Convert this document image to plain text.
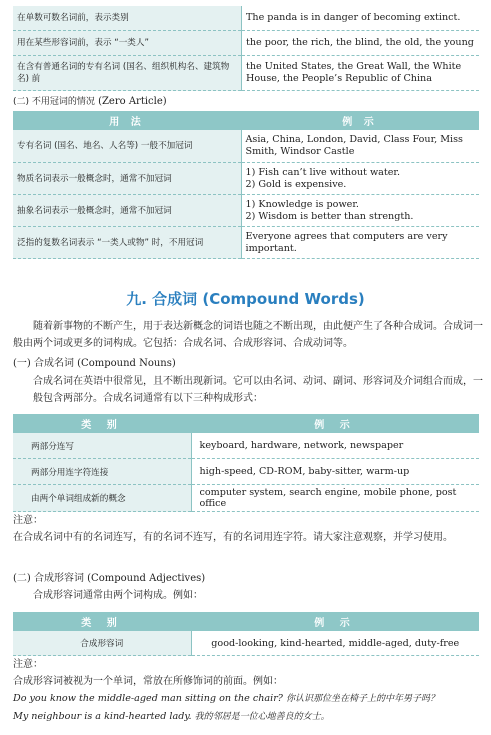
在单数可数名词前，表示类别	The panda is in danger of becoming extinct.
用在某些形容词前，表示 “一类人”	the poor, the rich, the blind, the old, the young
在含有普通名词的专有名词 (国名、组织机构名、建筑物名) 前	the United States, the Great Wall, the White House, the People’s Republic of China
(二) 不用冠词的情况 (Zero Article)
用 法	例 示
专有名词 (国名、地名、人名等) 一般不加冠词	Asia, China, London, David, Class Four, Miss Smith, Windsor Castle
物质名词表示一般概念时，通常不加冠词	1) Fish can’t live without water.
2) Gold is expensive.
抽象名词表示一般概念时，通常不加冠词	1) Knowledge is power.
2) Wisdom is better than strength.
泛指的复数名词表示 “一类人或物” 时，不用冠词	Everyone agrees that computers are very important.
九. 合成词 (Compound Words)
随着新事物的不断产生，用于表达新概念的词语也随之不断出现，由此便产生了各种合成词。合成词一般由两个词或更多的词构成。它包括：合成名词、合成形容词、合成动词等。
(一) 合成名词 (Compound Nouns)
合成名词在英语中很常见，且不断出现新词。它可以由名词、动词、副词、形容词及介词组合而成，一般包含两部分。合成名词通常有以下三种构成形式：
类 别	例 示
两部分连写	keyboard, hardware, network, newspaper
两部分用连字符连接	high-speed, CD-ROM, baby-sitter, warm-up
由两个单词组成新的概念	computer system, search engine, mobile phone, post office
注意：
在合成名词中有的名词连写，有的名词不连写，有的名词用连字符。请大家注意观察，并学习使用。
(二) 合成形容词 (Compound Adjectives)
合成形容词通常由两个词构成。例如：
类 别	例 示
合成形容词	good-looking, kind-hearted, middle-aged, duty-free
注意：
合成形容词被视为一个单词，常放在所修饰词的前面。例如：
Do you know the middle-aged man sitting on the chair? 你认识那位坐在椅子上的中年男子吗？
My neighbour is a kind-hearted lady. 我的邻居是一位心地善良的女士。
